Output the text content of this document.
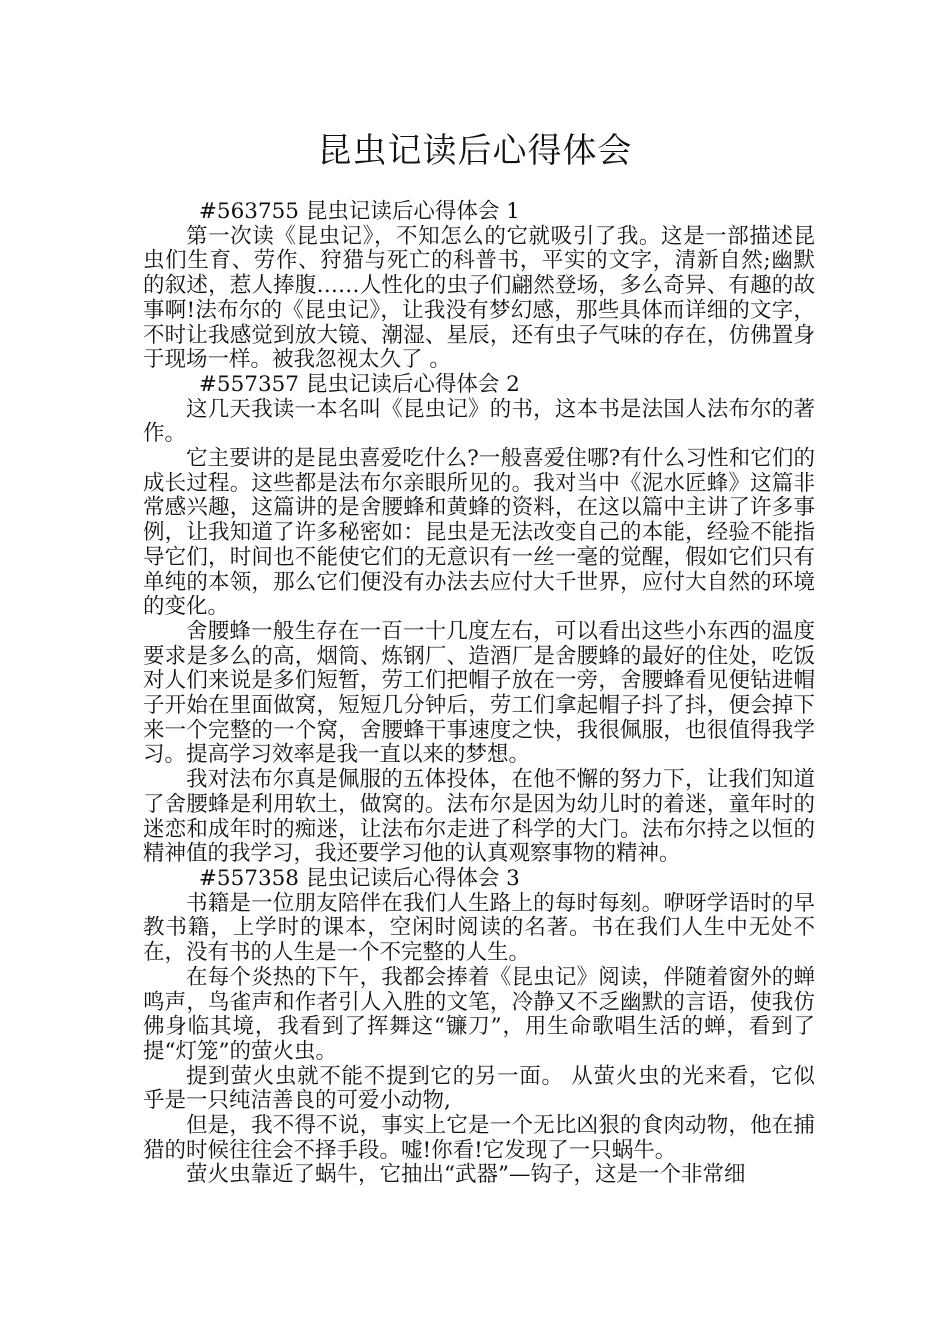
昆虫记读后心得体会

#563755 昆虫记读后心得体会 1

第一次读《昆虫记》，不知怎么的它就吸引了我。这是一部描述昆虫们生育、劳作、狩猎与死亡的科普书，平实的文字，清新自然;幽默的叙述，惹人捧腹……人性化的虫子们翩然登场，多么奇异、有趣的故事啊!法布尔的《昆虫记》，让我没有梦幻感，那些具体而详细的文字，不时让我感觉到放大镜、潮湿、星辰，还有虫子气味的存在，仿佛置身于现场一样。被我忽视太久了 。

#557357 昆虫记读后心得体会 2

这几天我读一本名叫《昆虫记》的书，这本书是法国人法布尔的著作。

它主要讲的是昆虫喜爱吃什么?一般喜爱住哪?有什么习性和它们的成长过程。这些都是法布尔亲眼所见的。我对当中《泥水匠蜂》这篇非常感兴趣，这篇讲的是舍腰蜂和黄蜂的资料，在这以篇中主讲了许多事例，让我知道了许多秘密如：昆虫是无法改变自己的本能，经验不能指导它们，时间也不能使它们的无意识有一丝一毫的觉醒，假如它们只有单纯的本领，那么它们便没有办法去应付大千世界，应付大自然的环境的变化。

舍腰蜂一般生存在一百一十几度左右，可以看出这些小东西的温度要求是多么的高，烟筒、炼钢厂、造酒厂是舍腰蜂的最好的住处，吃饭对人们来说是多们短暂，劳工们把帽子放在一旁，舍腰蜂看见便钻进帽子开始在里面做窝，短短几分钟后，劳工们拿起帽子抖了抖，便会掉下来一个完整的一个窝，舍腰蜂干事速度之快，我很佩服，也很值得我学习。提高学习效率是我一直以来的梦想。

我对法布尔真是佩服的五体投体，在他不懈的努力下，让我们知道了舍腰蜂是利用软土，做窝的。法布尔是因为幼儿时的着迷，童年时的迷恋和成年时的痴迷，让法布尔走进了科学的大门。法布尔持之以恒的精神值的我学习，我还要学习他的认真观察事物的精神。

#557358 昆虫记读后心得体会 3

书籍是一位朋友陪伴在我们人生路上的每时每刻。咿呀学语时的早教书籍，上学时的课本，空闲时阅读的名著。书在我们人生中无处不在，没有书的人生是一个不完整的人生。

在每个炎热的下午，我都会捧着《昆虫记》阅读，伴随着窗外的蝉鸣声，鸟雀声和作者引人入胜的文笔，冷静又不乏幽默的言语，使我仿佛身临其境，我看到了挥舞这“镰刀”，用生命歌唱生活的蝉，看到了提“灯笼”的萤火虫。

提到萤火虫就不能不提到它的另一面。 从萤火虫的光来看，它似乎是一只纯洁善良的可爱小动物,

但是，我不得不说，事实上它是一个无比凶狠的食肉动物，他在捕猎的时候往往会不择手段。嘘!你看!它发现了一只蜗牛。

萤火虫靠近了蜗牛，它抽出“武器”—钩子，这是一个非常细
